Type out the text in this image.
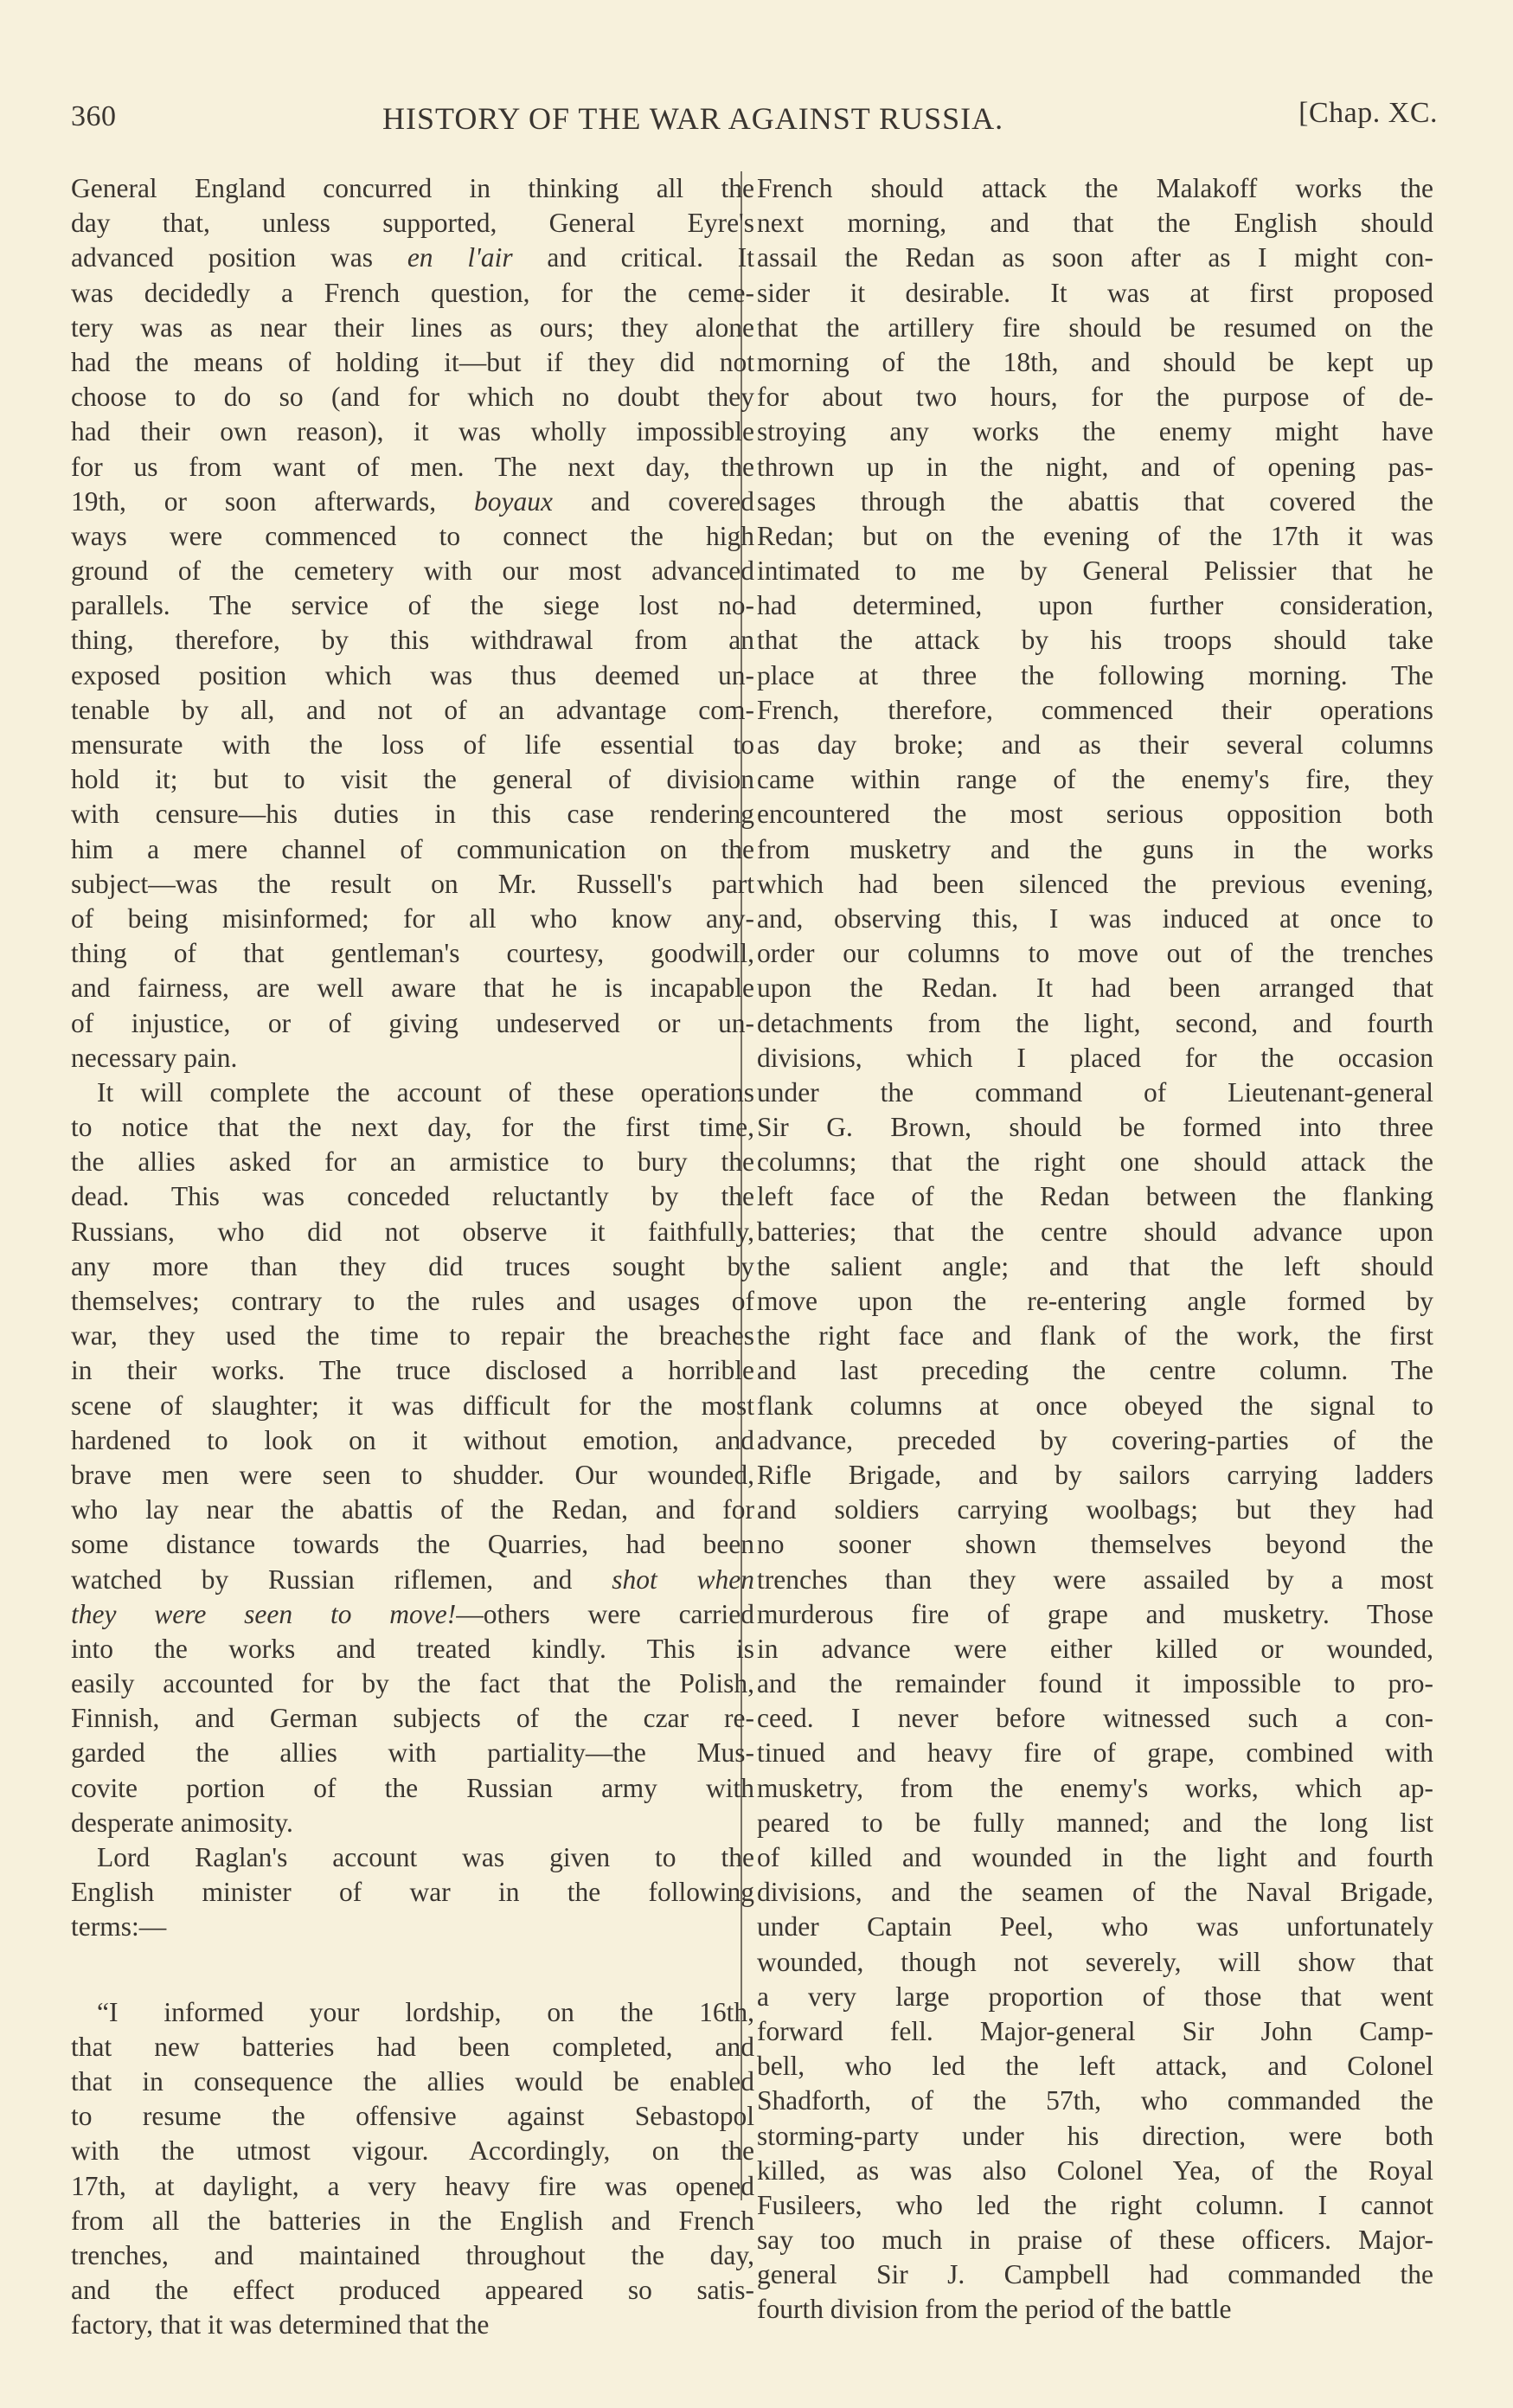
360	HISTORY OF THE WAR AGAINST RUSSIA.	[Chap. XC.
General England concurred in thinking all the
day that, unless supported, General Eyre's
advanced position was en l'air and critical. It
was decidedly a French question, for the ceme-
tery was as near their lines as ours; they alone
had the means of holding it—but if they did not
choose to do so (and for which no doubt they
had their own reason), it was wholly impossible
for us from want of men. The next day, the
19th, or soon afterwards, boyaux and covered
ways were commenced to connect the high
ground of the cemetery with our most advanced
parallels. The service of the siege lost no-
thing, therefore, by this withdrawal from an
exposed position which was thus deemed un-
tenable by all, and not of an advantage com-
mensurate with the loss of life essential to
hold it; but to visit the general of division
with censure—his duties in this case rendering
him a mere channel of communication on the
subject—was the result on Mr. Russell's part
of being misinformed; for all who know any-
thing of that gentleman's courtesy, goodwill,
and fairness, are well aware that he is incapable
of injustice, or of giving undeserved or un-
necessary pain.
It will complete the account of these operations
to notice that the next day, for the first time,
the allies asked for an armistice to bury the
dead. This was conceded reluctantly by the
Russians, who did not observe it faithfully,
any more than they did truces sought by
themselves; contrary to the rules and usages of
war, they used the time to repair the breaches
in their works. The truce disclosed a horrible
scene of slaughter; it was difficult for the most
hardened to look on it without emotion, and
brave men were seen to shudder. Our wounded,
who lay near the abattis of the Redan, and for
some distance towards the Quarries, had been
watched by Russian riflemen, and shot when
they were seen to move!—others were carried
into the works and treated kindly. This is
easily accounted for by the fact that the Polish,
Finnish, and German subjects of the czar re-
garded the allies with partiality—the Mus-
covite portion of the Russian army with
desperate animosity.
Lord Raglan's account was given to the
English minister of war in the following
terms:—
“I informed your lordship, on the 16th,
that new batteries had been completed, and
that in consequence the allies would be enabled
to resume the offensive against Sebastopol
with the utmost vigour. Accordingly, on the
17th, at daylight, a very heavy fire was opened
from all the batteries in the English and French
trenches, and maintained throughout the day,
and the effect produced appeared so satis-
factory, that it was determined that the
French should attack the Malakoff works the
next morning, and that the English should
assail the Redan as soon after as I might con-
sider it desirable. It was at first proposed
that the artillery fire should be resumed on the
morning of the 18th, and should be kept up
for about two hours, for the purpose of de-
stroying any works the enemy might have
thrown up in the night, and of opening pas-
sages through the abattis that covered the
Redan; but on the evening of the 17th it was
intimated to me by General Pelissier that he
had determined, upon further consideration,
that the attack by his troops should take
place at three the following morning. The
French, therefore, commenced their operations
as day broke; and as their several columns
came within range of the enemy's fire, they
encountered the most serious opposition both
from musketry and the guns in the works
which had been silenced the previous evening,
and, observing this, I was induced at once to
order our columns to move out of the trenches
upon the Redan. It had been arranged that
detachments from the light, second, and fourth
divisions, which I placed for the occasion
under the command of Lieutenant-general
Sir G. Brown, should be formed into three
columns; that the right one should attack the
left face of the Redan between the flanking
batteries; that the centre should advance upon
the salient angle; and that the left should
move upon the re-entering angle formed by
the right face and flank of the work, the first
and last preceding the centre column. The
flank columns at once obeyed the signal to
advance, preceded by covering-parties of the
Rifle Brigade, and by sailors carrying ladders
and soldiers carrying woolbags; but they had
no sooner shown themselves beyond the
trenches than they were assailed by a most
murderous fire of grape and musketry. Those
in advance were either killed or wounded,
and the remainder found it impossible to pro-
ceed. I never before witnessed such a con-
tinued and heavy fire of grape, combined with
musketry, from the enemy's works, which ap-
peared to be fully manned; and the long list
of killed and wounded in the light and fourth
divisions, and the seamen of the Naval Brigade,
under Captain Peel, who was unfortunately
wounded, though not severely, will show that
a very large proportion of those that went
forward fell. Major-general Sir John Camp-
bell, who led the left attack, and Colonel
Shadforth, of the 57th, who commanded the
storming-party under his direction, were both
killed, as was also Colonel Yea, of the Royal
Fusileers, who led the right column. I cannot
say too much in praise of these officers. Major-
general Sir J. Campbell had commanded the
fourth division from the period of the battle
